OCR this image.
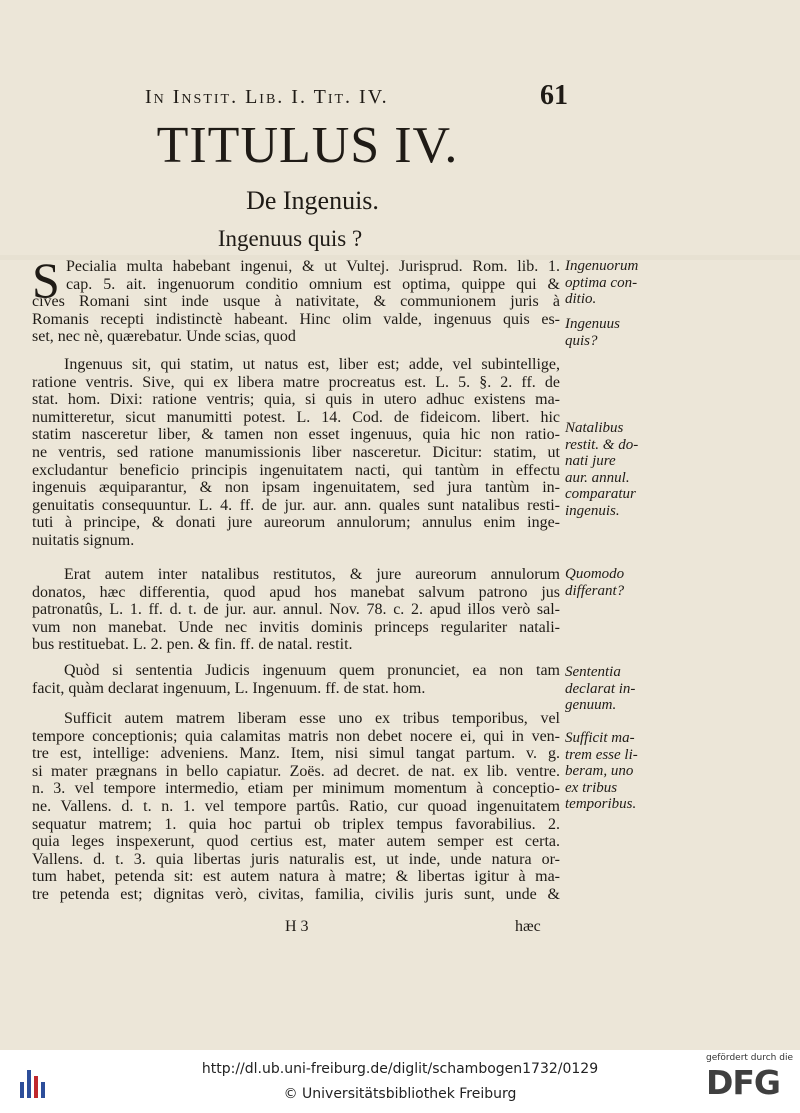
In Instit. Lib. I. Tit. IV.	61
TITULUS IV.
De Ingenuis.
Ingenuus quis ?
S Pecialia multa habebant ingenui, & ut Vultej. Jurisprud. Rom. lib. 1.
cap. 5. ait. ingenuorum conditio omnium est optima, quippe qui &
cives Romani sint inde usque à nativitate, & communionem juris à
Romanis recepti indistinctè habeant. Hinc olim valde, ingenuus quis es-
set, nec nè, quærebatur. Unde scias, quod
Ingenuus sit, qui statim, ut natus est, liber est; adde, vel subintellige,
ratione ventris. Sive, qui ex libera matre procreatus est. L. 5. §. 2. ff. de
stat. hom. Dixi: ratione ventris; quia, si quis in utero adhuc existens ma-
numitteretur, sicut manumitti potest. L. 14. Cod. de fideicom. libert. hic
statim nasceretur liber, & tamen non esset ingenuus, quia hic non ratio-
ne ventris, sed ratione manumissionis liber nasceretur. Dicitur: statim, ut
excludantur beneficio principis ingenuitatem nacti, qui tantùm in effectu
ingenuis æquiparantur, & non ipsam ingenuitatem, sed jura tantùm in-
genuitatis consequuntur. L. 4. ff. de jur. aur. ann. quales sunt natalibus resti-
tuti à principe, & donati jure aureorum annulorum; annulus enim inge-
nuitatis signum.
Erat autem inter natalibus restitutos, & jure aureorum annulorum
donatos, hæc differentia, quod apud hos manebat salvum patrono jus
patronatûs, L. 1. ff. d. t. de jur. aur. annul. Nov. 78. c. 2. apud illos verò sal-
vum non manebat. Unde nec invitis dominis princeps regulariter natali-
bus restituebat. L. 2. pen. & fin. ff. de natal. restit.
Quòd si sententia Judicis ingenuum quem pronunciet, ea non tam
facit, quàm declarat ingenuum, L. Ingenuum. ff. de stat. hom.
Sufficit autem matrem liberam esse uno ex tribus temporibus, vel
tempore conceptionis; quia calamitas matris non debet nocere ei, qui in ven-
tre est, intellige: adveniens. Manz. Item, nisi simul tangat partum. v. g.
si mater prægnans in bello capiatur. Zoës. ad decret. de nat. ex lib. ventre.
n. 3. vel tempore intermedio, etiam per minimum momentum à conceptio-
ne. Vallens. d. t. n. 1. vel tempore partûs. Ratio, cur quoad ingenuitatem
sequatur matrem; 1. quia hoc partui ob triplex tempus favorabilius. 2.
quia leges inspexerunt, quod certius est, mater autem semper est certa.
Vallens. d. t. 3. quia libertas juris naturalis est, ut inde, unde natura or-
tum habet, petenda sit: est autem natura à matre; & libertas igitur à ma-
tre petenda est; dignitas verò, civitas, familia, civilis juris sunt, unde &
Ingenuorum
optima con-
ditio.
Ingenuus
quis?
Natalibus
restit. & do-
nati jure
aur. annul.
comparatur
ingenuis.
Quomodo
differant?
Sententia
declarat in-
genuum.
Sufficit ma-
trem esse li-
beram, uno
ex tribus
temporibus.
H 3	hæc
http://dl.ub.uni-freiburg.de/diglit/schambogen1732/0129
© Universitätsbibliothek Freiburg
gefördert durch die
DFG
